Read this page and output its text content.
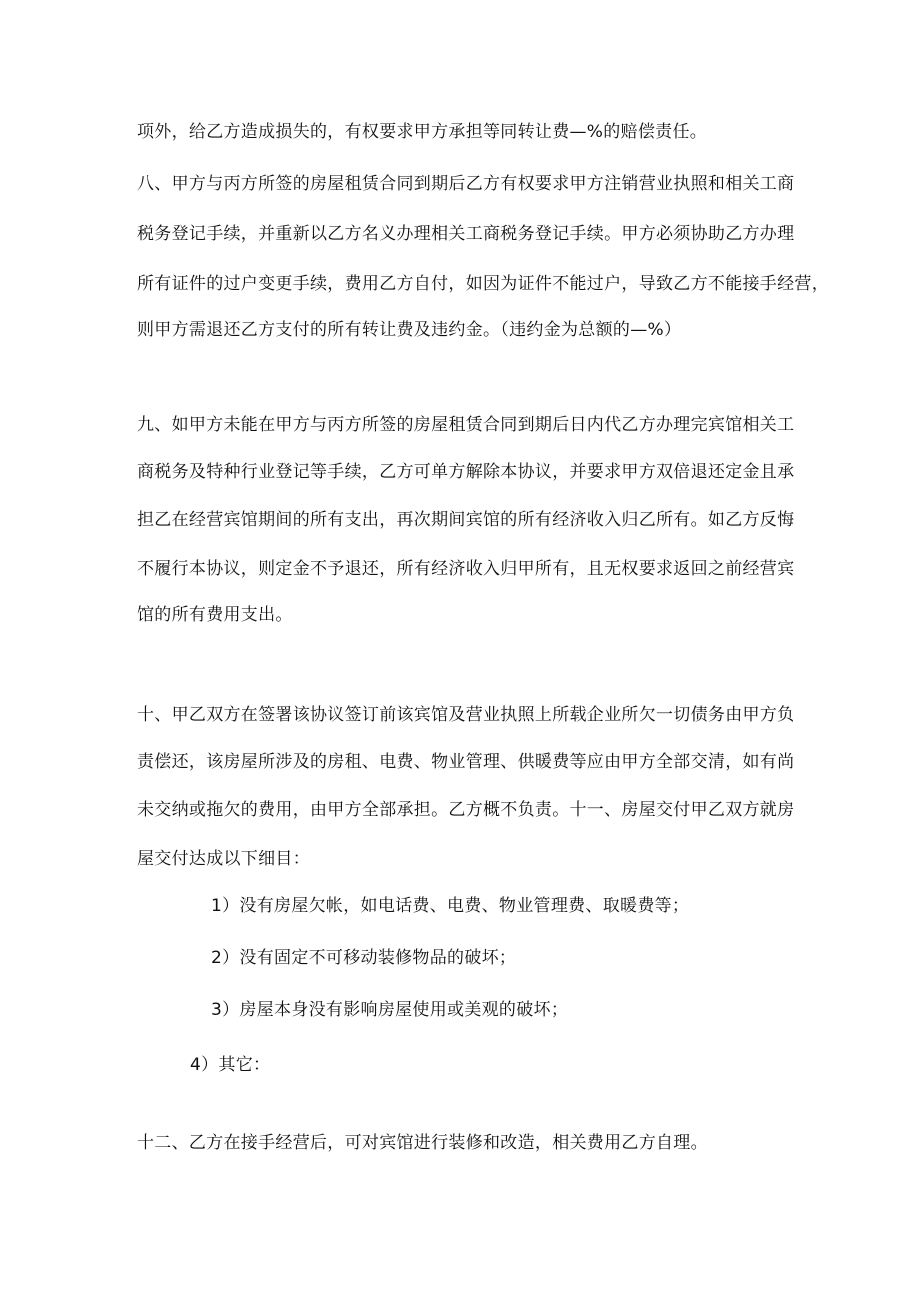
项外，给乙方造成损失的，有权要求甲方承担等同转让费—%的赔偿责任。
八、甲方与丙方所签的房屋租赁合同到期后乙方有权要求甲方注销营业执照和相关工商
税务登记手续，并重新以乙方名义办理相关工商税务登记手续。甲方必须协助乙方办理
所有证件的过户变更手续，费用乙方自付，如因为证件不能过户，导致乙方不能接手经营，
则甲方需退还乙方支付的所有转让费及违约金。（违约金为总额的—%）
九、如甲方未能在甲方与丙方所签的房屋租赁合同到期后日内代乙方办理完宾馆相关工
商税务及特种行业登记等手续，乙方可单方解除本协议，并要求甲方双倍退还定金且承
担乙在经营宾馆期间的所有支出，再次期间宾馆的所有经济收入归乙所有。如乙方反悔
不履行本协议，则定金不予退还，所有经济收入归甲所有，且无权要求返回之前经营宾
馆的所有费用支出。
十、甲乙双方在签署该协议签订前该宾馆及营业执照上所载企业所欠一切债务由甲方负
责偿还，该房屋所涉及的房租、电费、物业管理、供暖费等应由甲方全部交清，如有尚
未交纳或拖欠的费用，由甲方全部承担。乙方概不负责。十一、房屋交付甲乙双方就房
屋交付达成以下细目：
1）没有房屋欠帐，如电话费、电费、物业管理费、取暖费等；
2）没有固定不可移动装修物品的破坏；
3）房屋本身没有影响房屋使用或美观的破坏；
4）其它：
十二、乙方在接手经营后，可对宾馆进行装修和改造，相关费用乙方自理。
